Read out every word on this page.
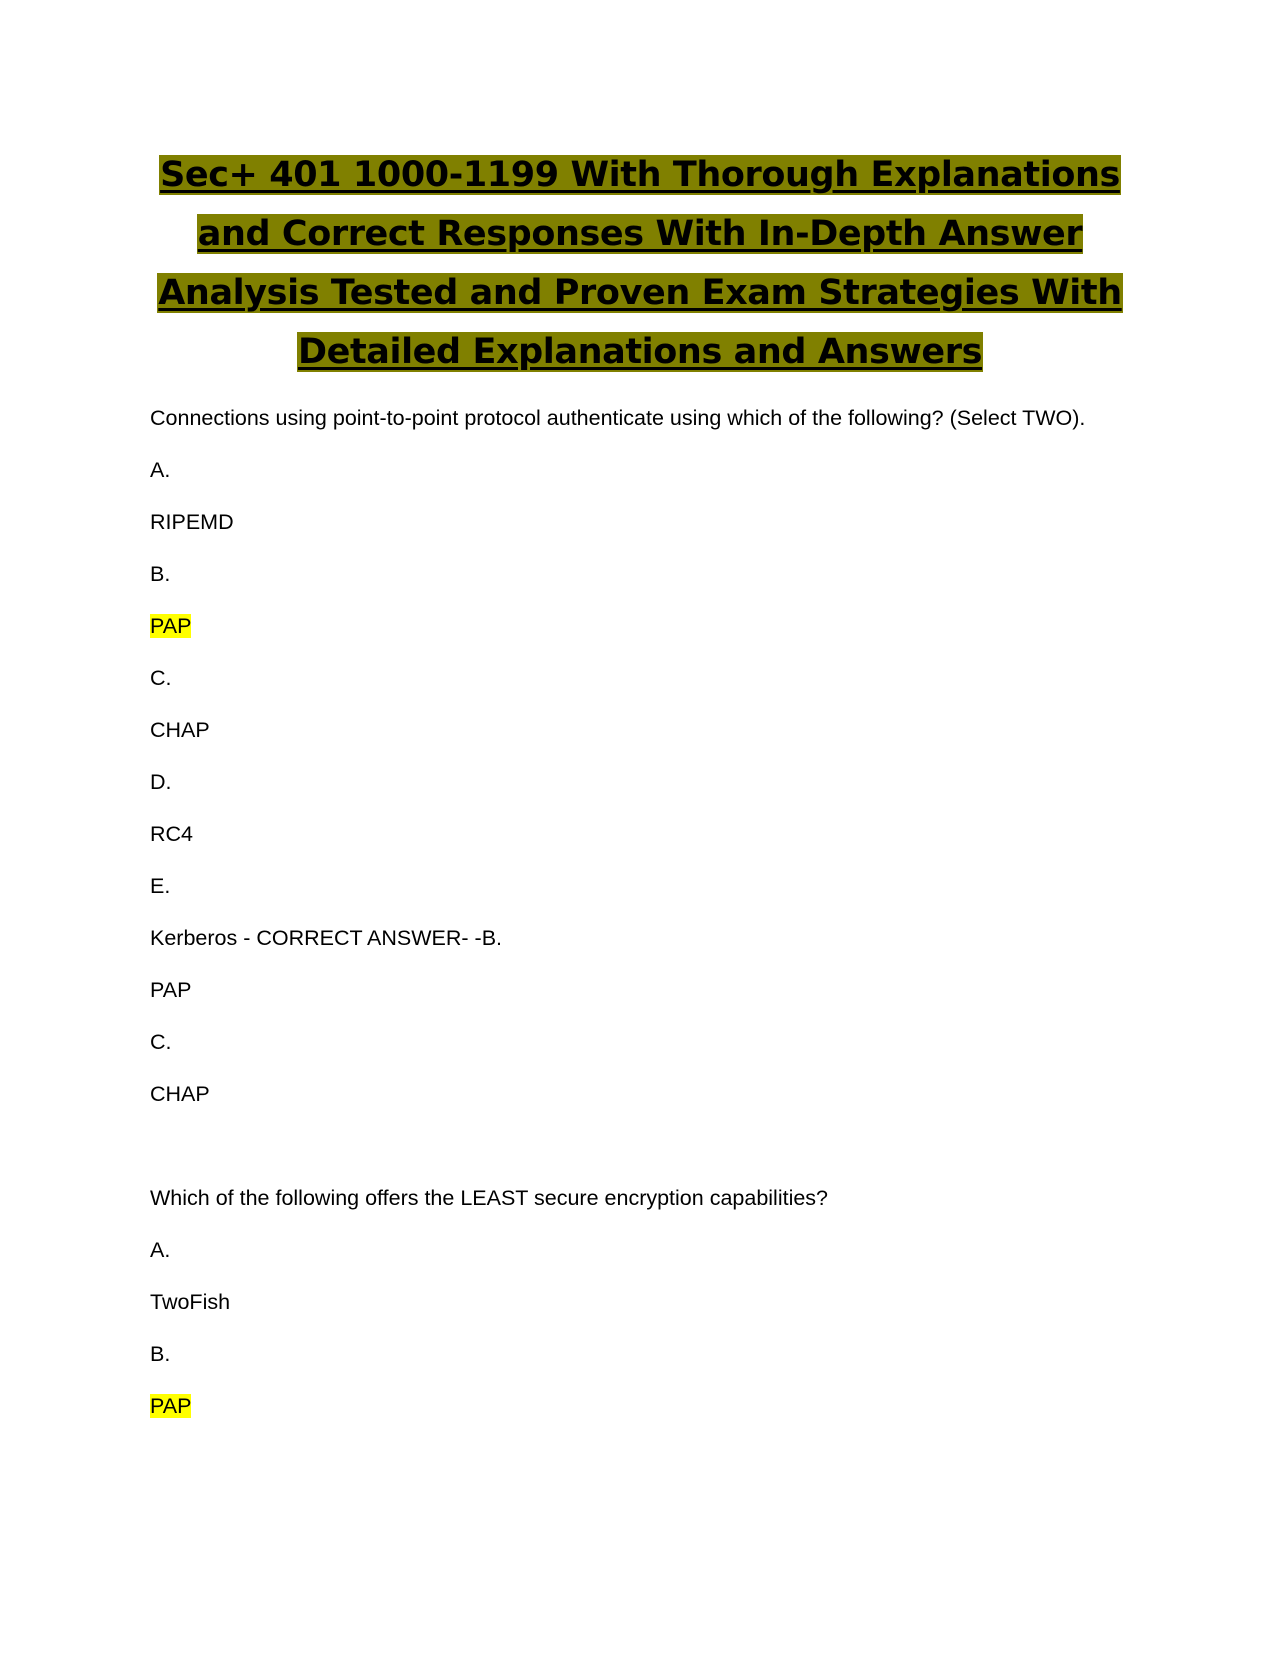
Sec+ 401 1000-1199 With Thorough Explanations and Correct Responses With In-Depth Answer Analysis Tested and Proven Exam Strategies With Detailed Explanations and Answers
Connections using point-to-point protocol authenticate using which of the following? (Select TWO).
A.
RIPEMD
B.
PAP
C.
CHAP
D.
RC4
E.
Kerberos - CORRECT ANSWER- -B.
PAP
C.
CHAP
Which of the following offers the LEAST secure encryption capabilities?
A.
TwoFish
B.
PAP
